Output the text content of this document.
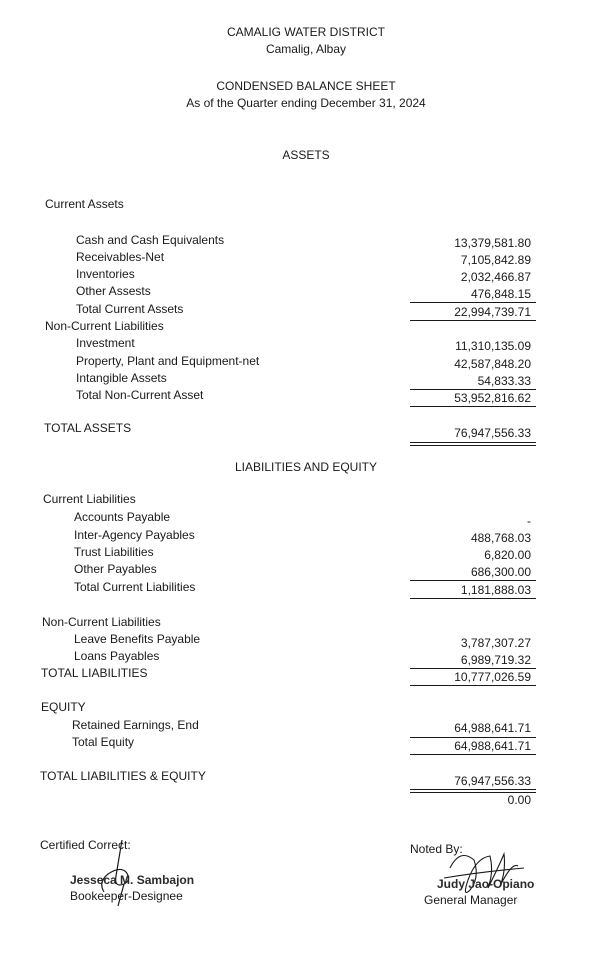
CAMALIG WATER DISTRICT
Camalig, Albay
CONDENSED BALANCE SHEET
As of the Quarter ending December 31, 2024
ASSETS
Current Assets
Cash and Cash Equivalents	13,379,581.80
Receivables-Net	7,105,842.89
Inventories	2,032,466.87
Other Assests	476,848.15
Total Current Assets	22,994,739.71
Non-Current Liabilities
Investment	11,310,135.09
Property, Plant and Equipment-net	42,587,848.20
Intangible Assets	54,833.33
Total Non-Current Asset	53,952,816.62
TOTAL ASSETS	76,947,556.33
LIABILITIES AND EQUITY
Current Liabilities
Accounts Payable	-
Inter-Agency Payables	488,768.03
Trust Liabilities	6,820.00
Other Payables	686,300.00
Total Current Liabilities	1,181,888.03
Non-Current Liabilities
Leave Benefits Payable	3,787,307.27
Loans Payables	6,989,719.32
TOTAL LIABILITIES	10,777,026.59
EQUITY
Retained Earnings, End	64,988,641.71
Total Equity	64,988,641.71
TOTAL LIABILITIES & EQUITY	76,947,556.33
0.00
Certified Correct:
Jesseca M. Sambajon
Bookeeper-Designee
Noted By:
Judy Jao-Opiano
General Manager
